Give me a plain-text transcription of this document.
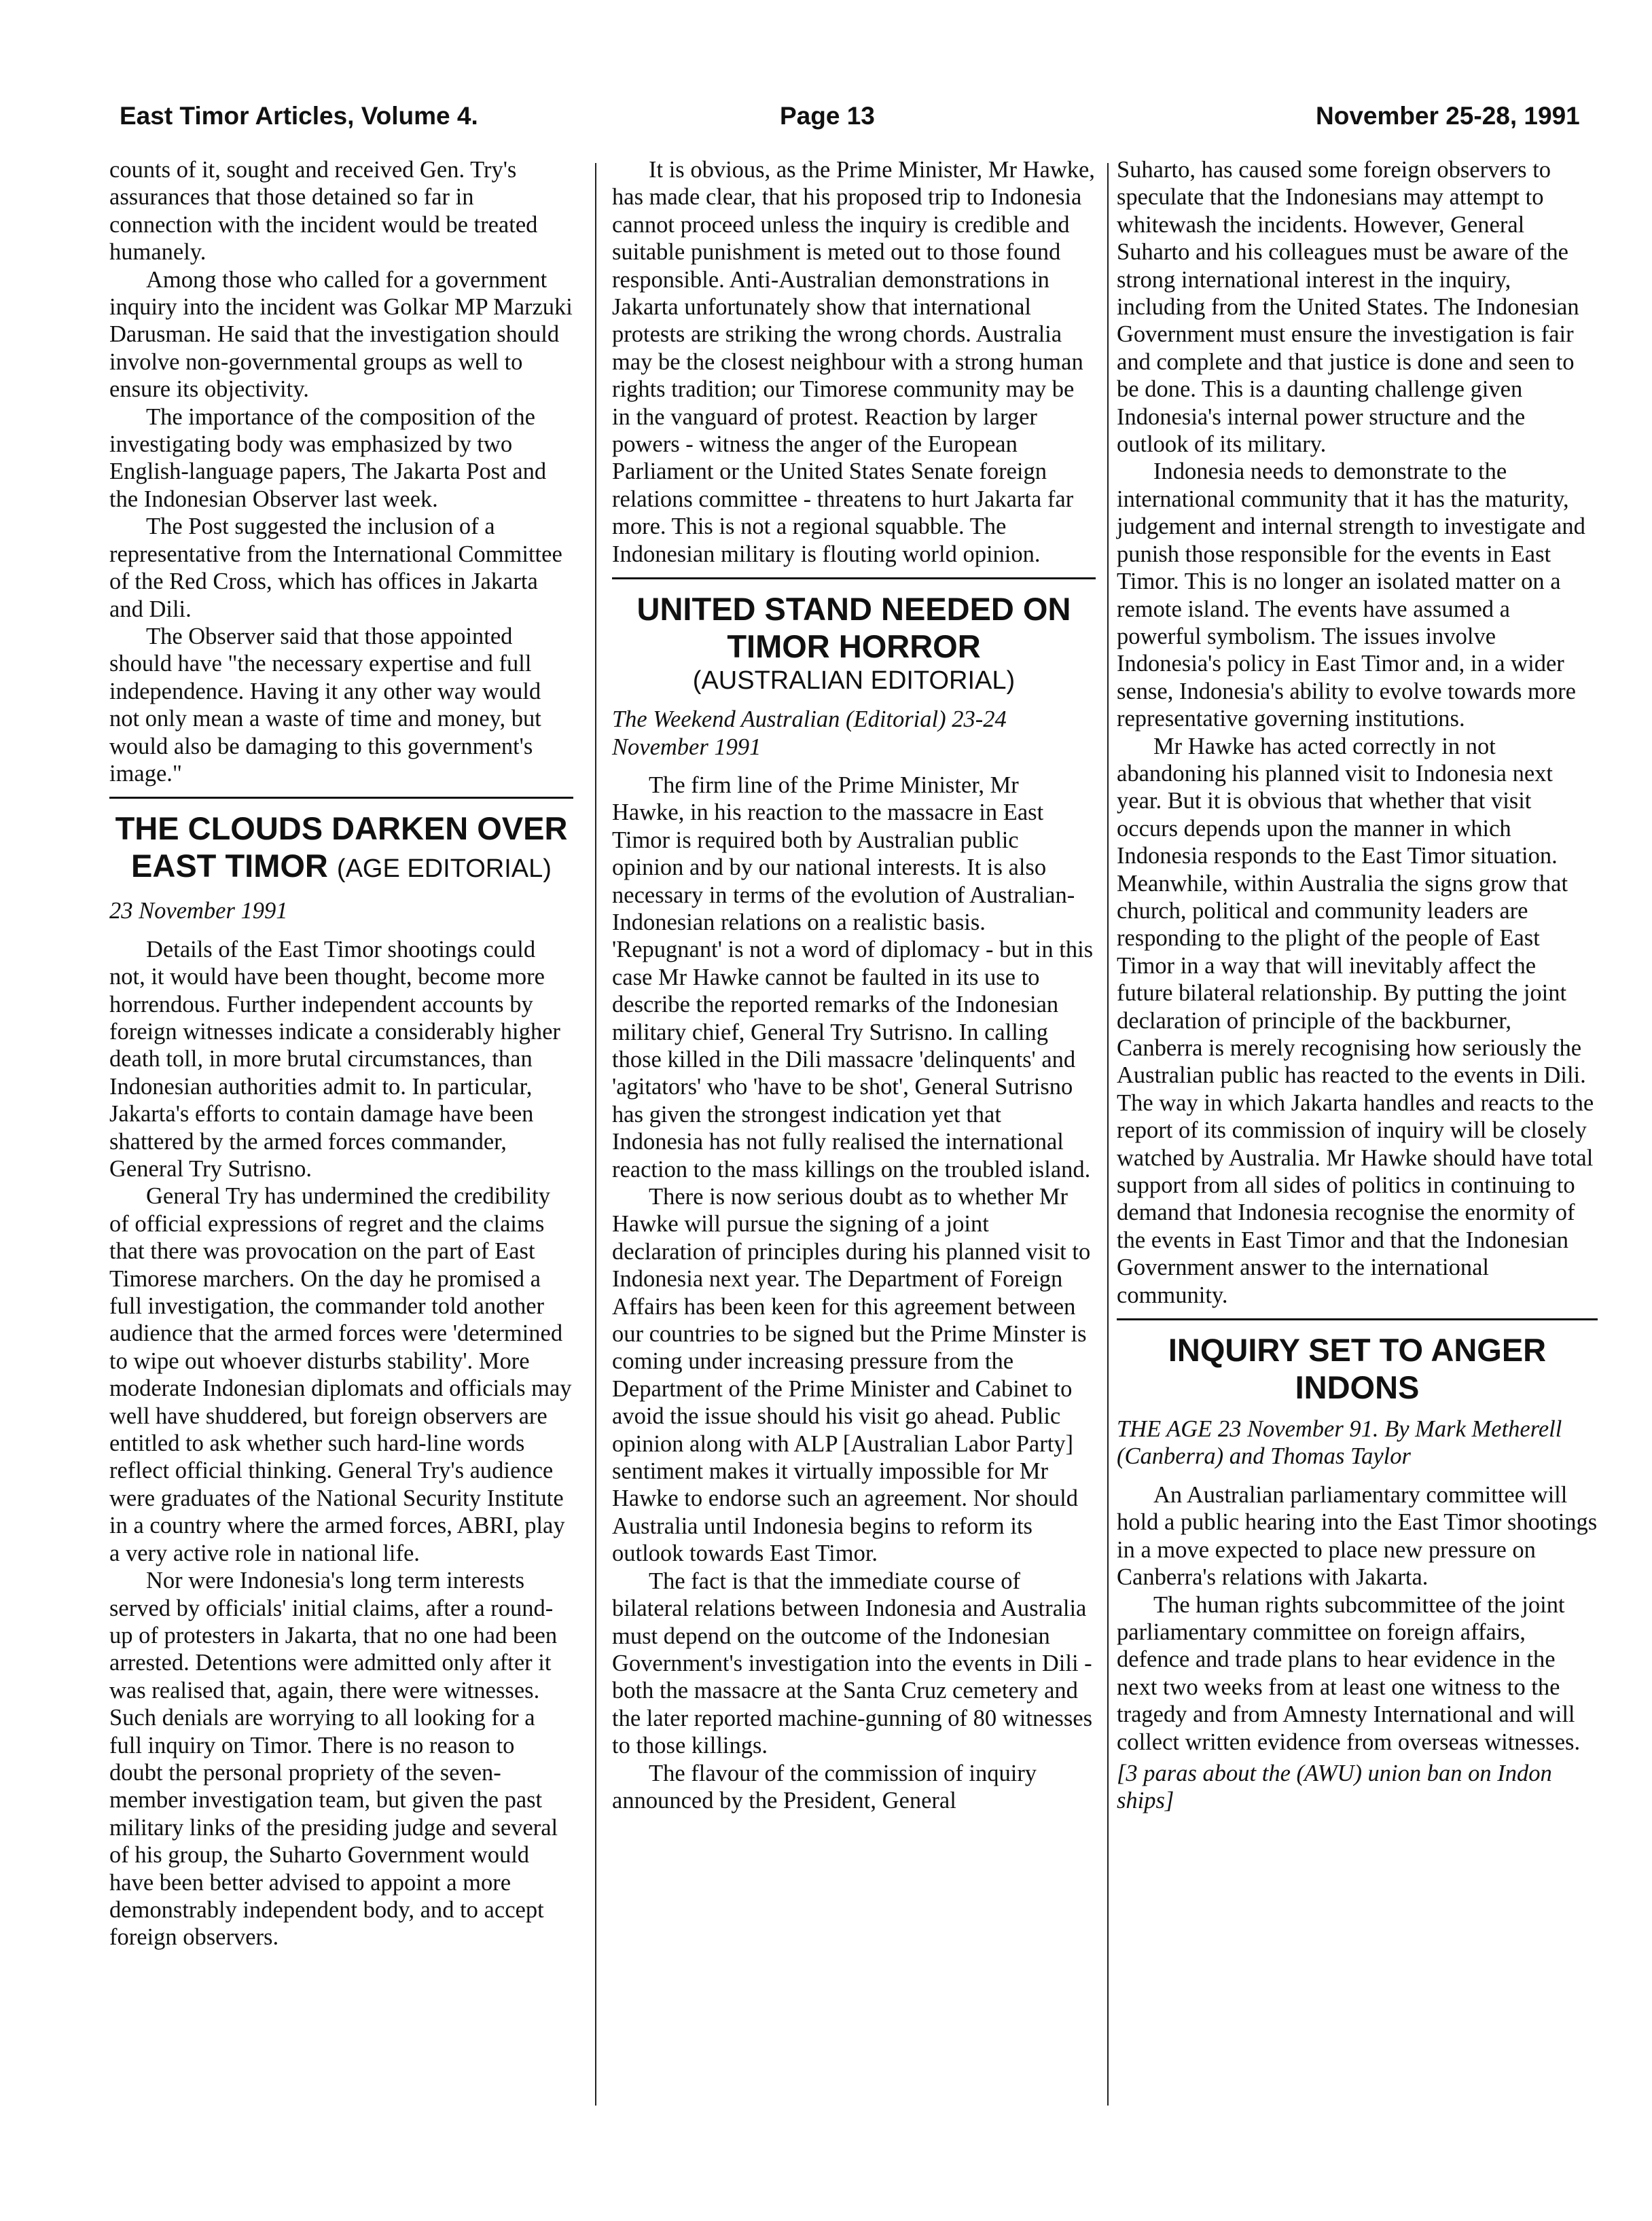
East Timor Articles, Volume 4.	Page 13	November 25-28, 1991

counts of it, sought and received Gen. Try's assurances that those detained so far in connection with the incident would be treated humanely.

Among those who called for a government inquiry into the incident was Golkar MP Marzuki Darusman. He said that the investigation should involve non-governmental groups as well to ensure its objectivity.

The importance of the composition of the investigating body was emphasized by two English-language papers, The Jakarta Post and the Indonesian Observer last week.

The Post suggested the inclusion of a representative from the International Committee of the Red Cross, which has offices in Jakarta and Dili.

The Observer said that those appointed should have "the necessary expertise and full independence. Having it any other way would not only mean a waste of time and money, but would also be damaging to this government's image."

THE CLOUDS DARKEN OVER EAST TIMOR (AGE EDITORIAL)

23 November 1991

Details of the East Timor shootings could not, it would have been thought, become more horrendous. Further independent accounts by foreign witnesses indicate a considerably higher death toll, in more brutal circumstances, than Indonesian authorities admit to. In particular, Jakarta's efforts to contain damage have been shattered by the armed forces commander, General Try Sutrisno.

General Try has undermined the credibility of official expressions of regret and the claims that there was provocation on the part of East Timorese marchers. On the day he promised a full investigation, the commander told another audience that the armed forces were 'determined to wipe out whoever disturbs stability'. More moderate Indonesian diplomats and officials may well have shuddered, but foreign observers are entitled to ask whether such hard-line words reflect official thinking. General Try's audience were graduates of the National Security Institute in a country where the armed forces, ABRI, play a very active role in national life.

Nor were Indonesia's long term interests served by officials' initial claims, after a round-up of protesters in Jakarta, that no one had been arrested. Detentions were admitted only after it was realised that, again, there were witnesses. Such denials are worrying to all looking for a full inquiry on Timor. There is no reason to doubt the personal propriety of the seven-member investigation team, but given the past military links of the presiding judge and several of his group, the Suharto Government would have been better advised to appoint a more demonstrably independent body, and to accept foreign observers.

It is obvious, as the Prime Minister, Mr Hawke, has made clear, that his proposed trip to Indonesia cannot proceed unless the inquiry is credible and suitable punishment is meted out to those found responsible. Anti-Australian demonstrations in Jakarta unfortunately show that international protests are striking the wrong chords. Australia may be the closest neighbour with a strong human rights tradition; our Timorese community may be in the vanguard of protest. Reaction by larger powers - witness the anger of the European Parliament or the United States Senate foreign relations committee - threatens to hurt Jakarta far more. This is not a regional squabble. The Indonesian military is flouting world opinion.

UNITED STAND NEEDED ON TIMOR HORROR
(AUSTRALIAN EDITORIAL)

The Weekend Australian (Editorial) 23-24 November 1991

The firm line of the Prime Minister, Mr Hawke, in his reaction to the massacre in East Timor is required both by Australian public opinion and by our national interests. It is also necessary in terms of the evolution of Australian-Indonesian relations on a realistic basis. 'Repugnant' is not a word of diplomacy - but in this case Mr Hawke cannot be faulted in its use to describe the reported remarks of the Indonesian military chief, General Try Sutrisno. In calling those killed in the Dili massacre 'delinquents' and 'agitators' who 'have to be shot', General Sutrisno has given the strongest indication yet that Indonesia has not fully realised the international reaction to the mass killings on the troubled island.

There is now serious doubt as to whether Mr Hawke will pursue the signing of a joint declaration of principles during his planned visit to Indonesia next year. The Department of Foreign Affairs has been keen for this agreement between our countries to be signed but the Prime Minster is coming under increasing pressure from the Department of the Prime Minister and Cabinet to avoid the issue should his visit go ahead. Public opinion along with ALP [Australian Labor Party] sentiment makes it virtually impossible for Mr Hawke to endorse such an agreement. Nor should Australia until Indonesia begins to reform its outlook towards East Timor.

The fact is that the immediate course of bilateral relations between Indonesia and Australia must depend on the outcome of the Indonesian Government's investigation into the events in Dili - both the massacre at the Santa Cruz cemetery and the later reported machine-gunning of 80 witnesses to those killings.

The flavour of the commission of inquiry announced by the President, General

Suharto, has caused some foreign observers to speculate that the Indonesians may attempt to whitewash the incidents. However, General Suharto and his colleagues must be aware of the strong international interest in the inquiry, including from the United States. The Indonesian Government must ensure the investigation is fair and complete and that justice is done and seen to be done. This is a daunting challenge given Indonesia's internal power structure and the outlook of its military.

Indonesia needs to demonstrate to the international community that it has the maturity, judgement and internal strength to investigate and punish those responsible for the events in East Timor. This is no longer an isolated matter on a remote island. The events have assumed a powerful symbolism. The issues involve Indonesia's policy in East Timor and, in a wider sense, Indonesia's ability to evolve towards more representative governing institutions.

Mr Hawke has acted correctly in not abandoning his planned visit to Indonesia next year. But it is obvious that whether that visit occurs depends upon the manner in which Indonesia responds to the East Timor situation. Meanwhile, within Australia the signs grow that church, political and community leaders are responding to the plight of the people of East Timor in a way that will inevitably affect the future bilateral relationship. By putting the joint declaration of principle of the backburner, Canberra is merely recognising how seriously the Australian public has reacted to the events in Dili. The way in which Jakarta handles and reacts to the report of its commission of inquiry will be closely watched by Australia. Mr Hawke should have total support from all sides of politics in continuing to demand that Indonesia recognise the enormity of the events in East Timor and that the Indonesian Government answer to the international community.

INQUIRY SET TO ANGER INDONS

THE AGE 23 November 91. By Mark Metherell (Canberra) and Thomas Taylor

An Australian parliamentary committee will hold a public hearing into the East Timor shootings in a move expected to place new pressure on Canberra's relations with Jakarta.

The human rights subcommittee of the joint parliamentary committee on foreign affairs, defence and trade plans to hear evidence in the next two weeks from at least one witness to the tragedy and from Amnesty International and will collect written evidence from overseas witnesses.

[3 paras about the (AWU) union ban on Indon ships]
